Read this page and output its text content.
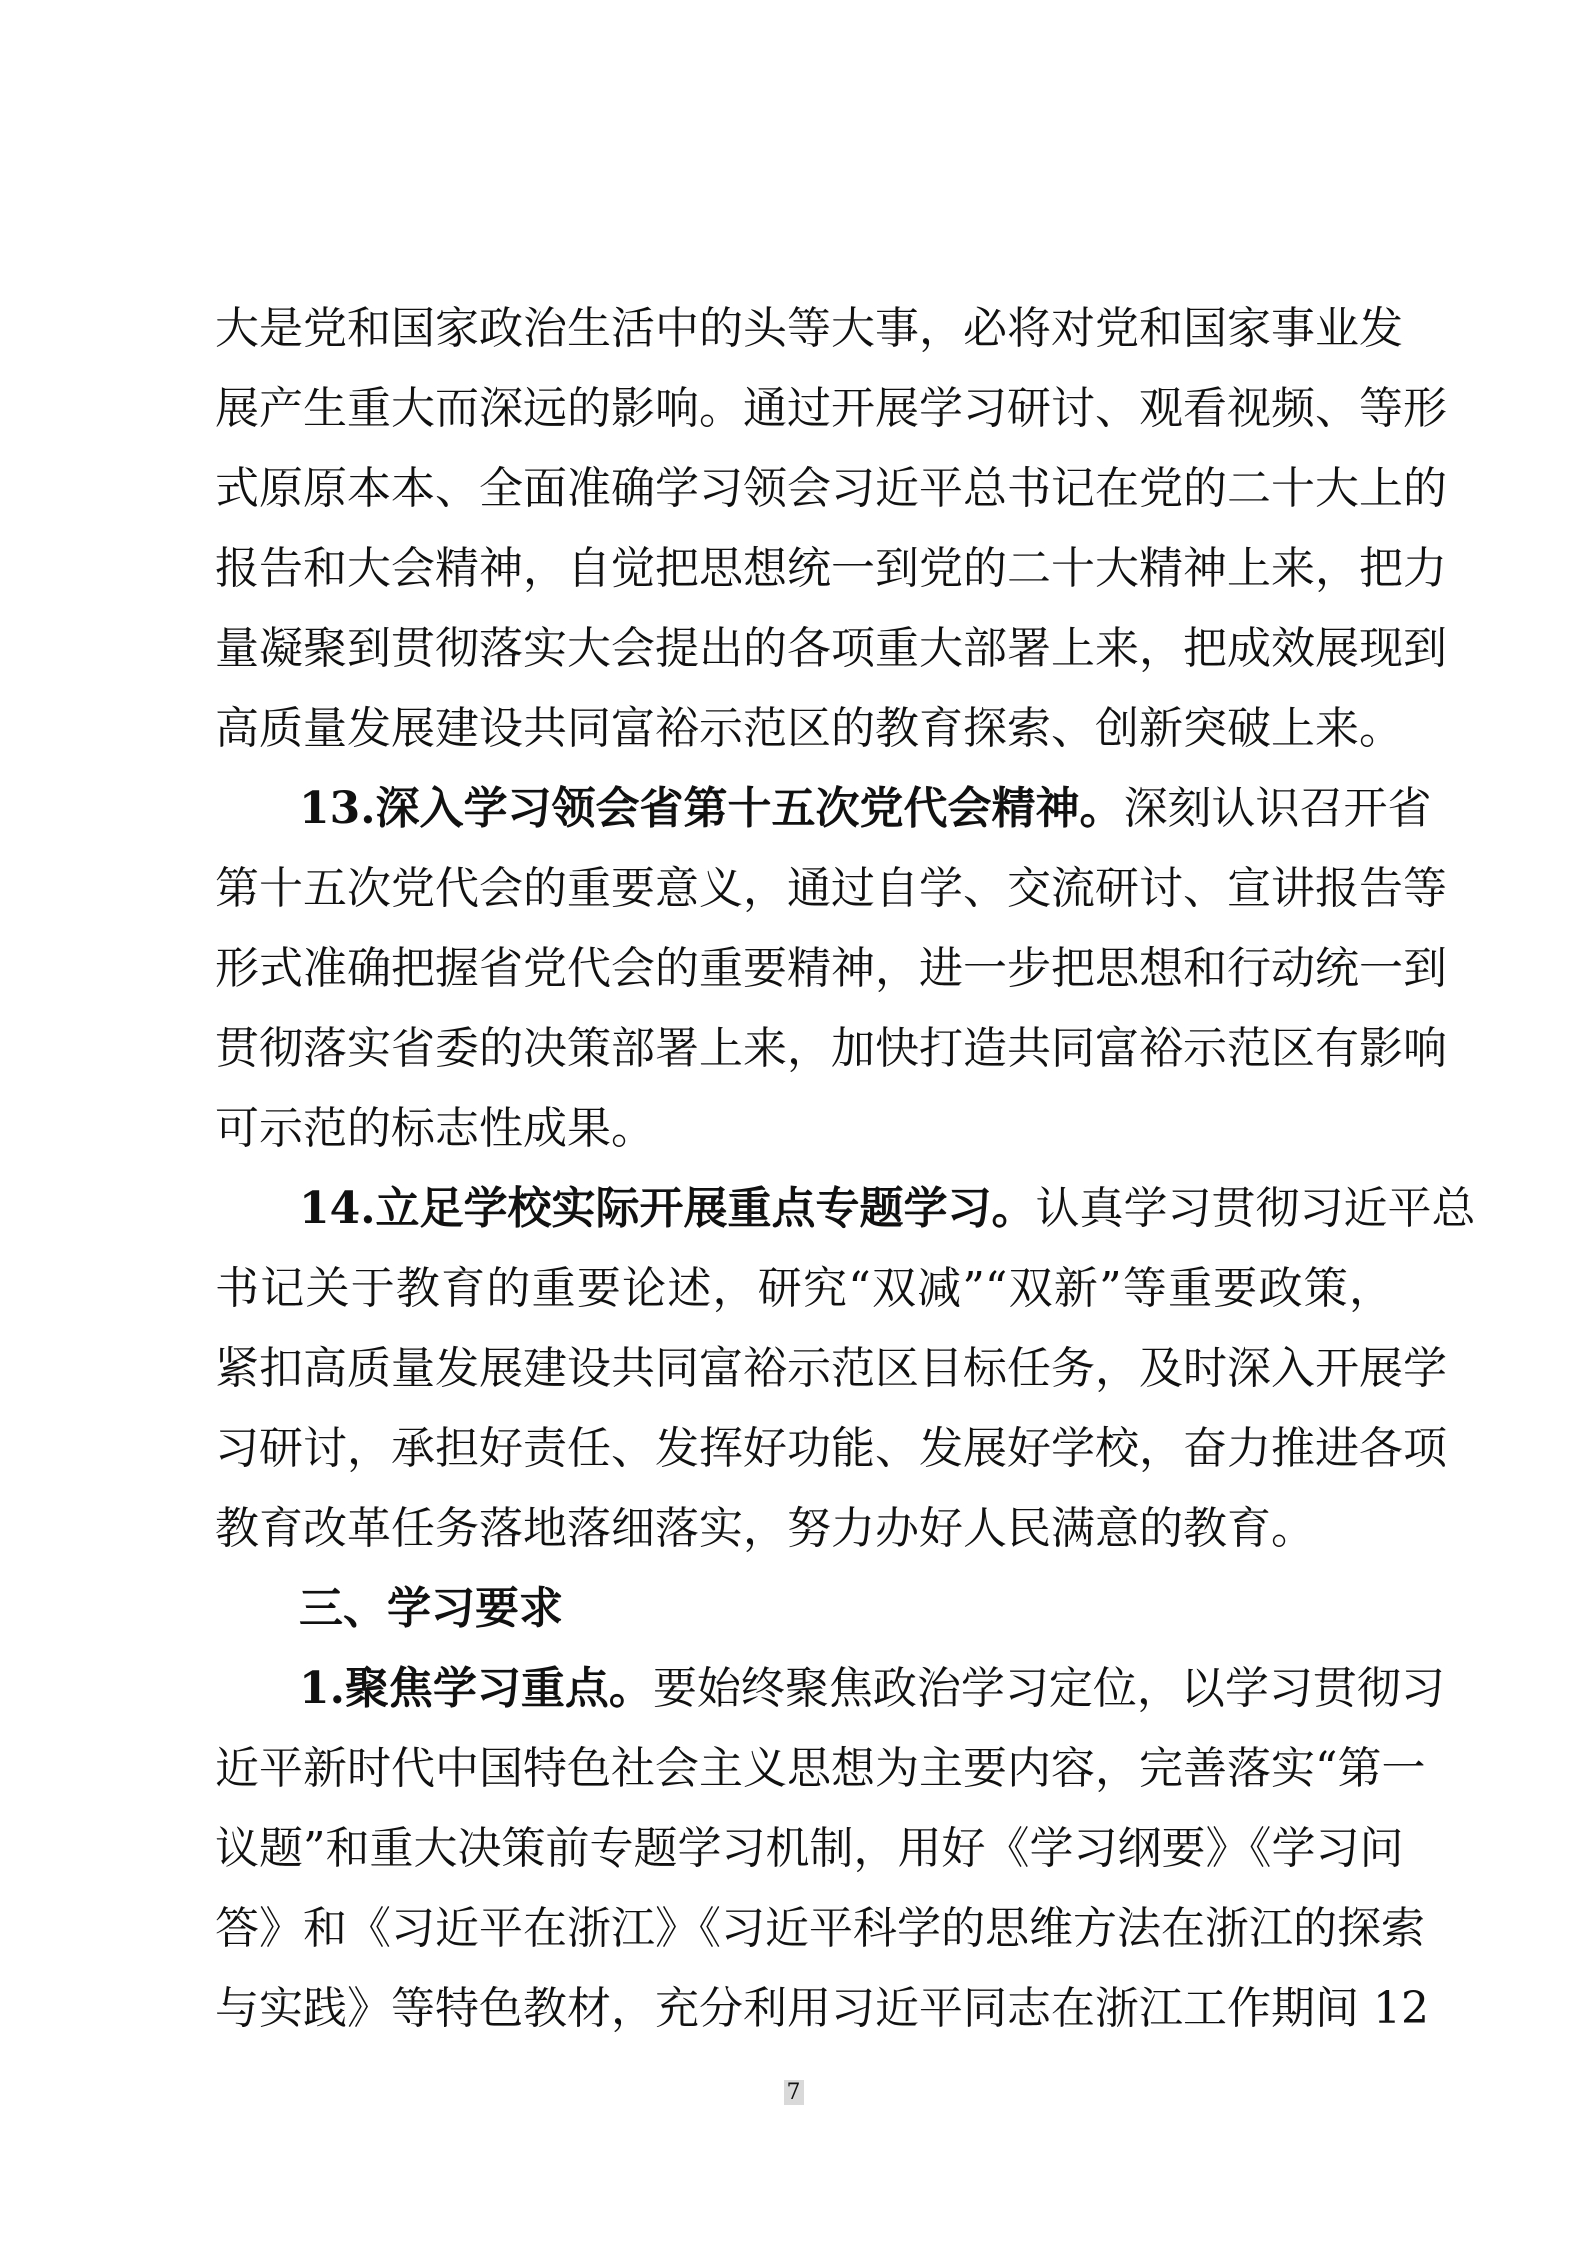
大是党和国家政治生活中的头等大事，必将对党和国家事业发
展产生重大而深远的影响。通过开展学习研讨、观看视频、等形
式原原本本、全面准确学习领会习近平总书记在党的二十大上的
报告和大会精神，自觉把思想统一到党的二十大精神上来，把力
量凝聚到贯彻落实大会提出的各项重大部署上来，把成效展现到
高质量发展建设共同富裕示范区的教育探索、创新突破上来。
13.深入学习领会省第十五次党代会精神。深刻认识召开省
第十五次党代会的重要意义，通过自学、交流研讨、宣讲报告等
形式准确把握省党代会的重要精神，进一步把思想和行动统一到
贯彻落实省委的决策部署上来，加快打造共同富裕示范区有影响
可示范的标志性成果。
14.立足学校实际开展重点专题学习。认真学习贯彻习近平总
书记关于教育的重要论述，研究“双减”“双新”等重要政策，
紧扣高质量发展建设共同富裕示范区目标任务，及时深入开展学
习研讨，承担好责任、发挥好功能、发展好学校，奋力推进各项
教育改革任务落地落细落实，努力办好人民满意的教育。
三、学习要求
1.聚焦学习重点。要始终聚焦政治学习定位，以学习贯彻习
近平新时代中国特色社会主义思想为主要内容，完善落实“第一
议题”和重大决策前专题学习机制，用好《学习纲要》《学习问
答》和《习近平在浙江》《习近平科学的思维方法在浙江的探索
与实践》等特色教材，充分利用习近平同志在浙江工作期间 12
7
